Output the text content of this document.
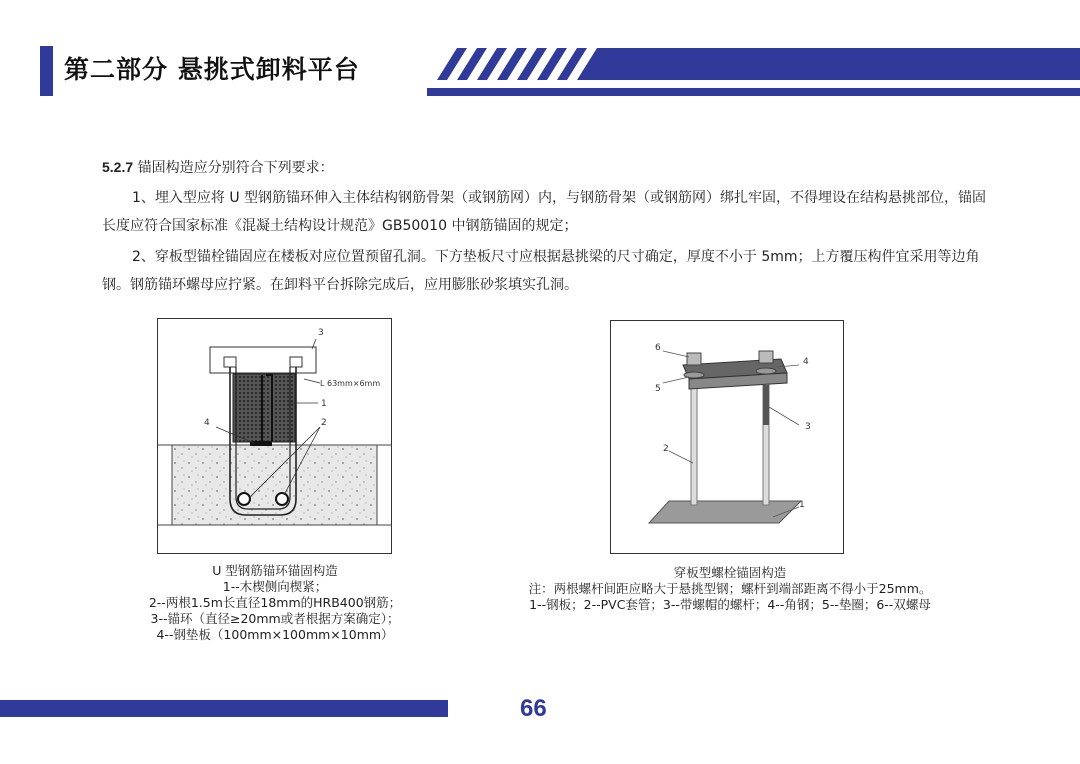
第二部分 悬挑式卸料平台
5.2.7 锚固构造应分别符合下列要求：
1、埋入型应将 U 型钢筋锚环伸入主体结构钢筋骨架（或钢筋网）内，与钢筋骨架（或钢筋网）绑扎牢固，不得埋设在结构悬挑部位，锚固长度应符合国家标准《混凝土结构设计规范》GB50010 中钢筋锚固的规定；
2、穿板型锚栓锚固应在楼板对应位置预留孔洞。下方垫板尺寸应根据悬挑梁的尺寸确定，厚度不小于 5mm；上方覆压构件宜采用等边角钢。钢筋锚环螺母应拧紧。在卸料平台拆除完成后，应用膨胀砂浆填实孔洞。
3
L 63mm×6mm
1
4	2
6
5
4
3
2
1
U 型钢筋锚环锚固构造
1--木楔侧向楔紧；
2--两根1.5m长直径18mm的HRB400钢筋；
3--锚环（直径≥20mm或者根据方案确定）；
4--钢垫板（100mm×100mm×10mm）
穿板型螺栓锚固构造
注：两根螺杆间距应略大于悬挑型钢；螺杆到端部距离不得小于25mm。
1--钢板；2--PVC套管；3--带螺帽的螺杆；4--角钢；5--垫圈；6--双螺母
66
